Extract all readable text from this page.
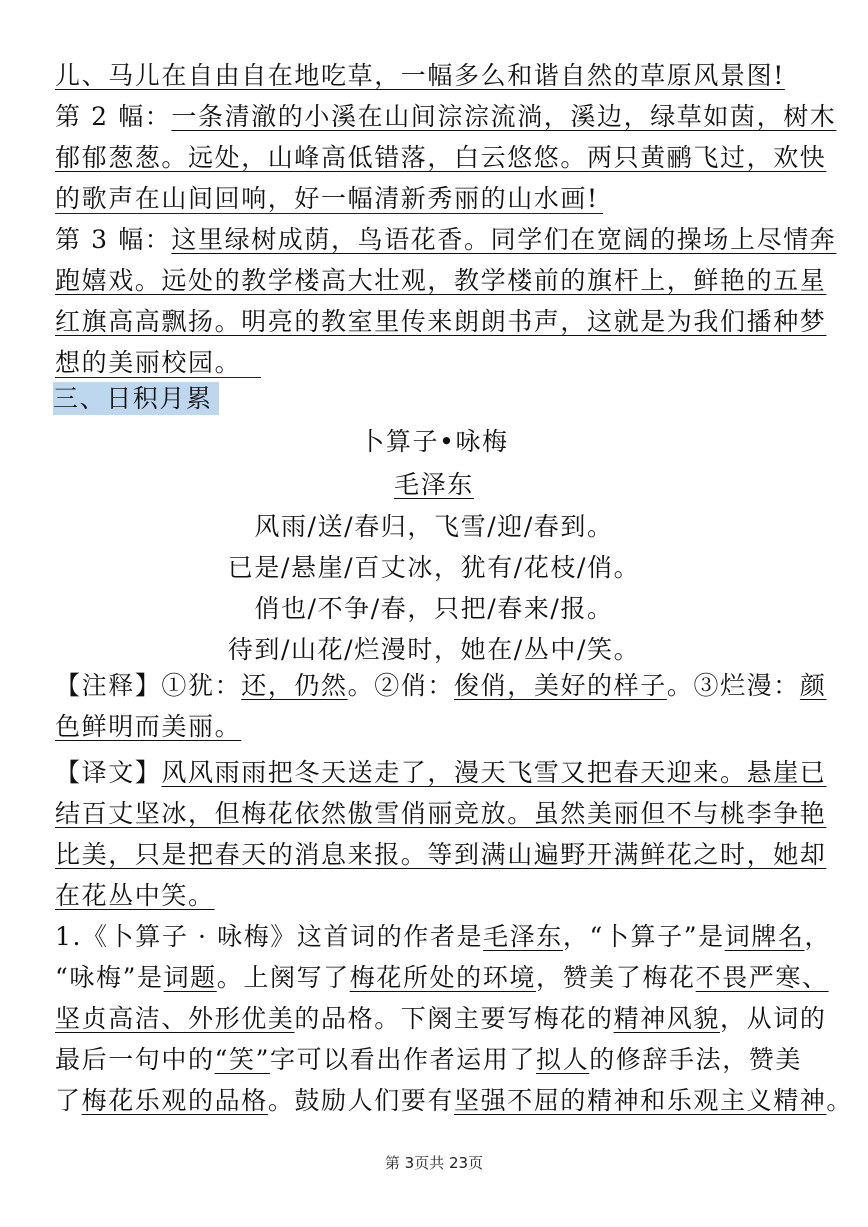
儿、马儿在自由自在地吃草，一幅多么和谐自然的草原风景图!
第 2 幅：一条清澈的小溪在山间淙淙流淌，溪边，绿草如茵，树木
郁郁葱葱。远处，山峰高低错落，白云悠悠。两只黄鹂飞过，欢快
的歌声在山间回响，好一幅清新秀丽的山水画!
第 3 幅：这里绿树成荫，鸟语花香。同学们在宽阔的操场上尽情奔
跑嬉戏。远处的教学楼高大壮观，教学楼前的旗杆上，鲜艳的五星
红旗高高飘扬。明亮的教室里传来朗朗书声，这就是为我们播种梦
想的美丽校园。
三、日积月累
卜算子•咏梅
毛泽东
风雨/送/春归，飞雪/迎/春到。
已是/悬崖/百丈冰，犹有/花枝/俏。
俏也/不争/春，只把/春来/报。
待到/山花/烂漫时，她在/丛中/笑。
【注释】①犹：还，仍然。②俏：俊俏，美好的样子。③烂漫：颜
色鲜明而美丽。
【译文】风风雨雨把冬天送走了，漫天飞雪又把春天迎来。悬崖已
结百丈坚冰，但梅花依然傲雪俏丽竞放。虽然美丽但不与桃李争艳
比美，只是把春天的消息来报。等到满山遍野开满鲜花之时，她却
在花丛中笑。
1.《卜算子 · 咏梅》这首词的作者是毛泽东，“卜算子”是词牌名，
“咏梅”是词题。上阕写了梅花所处的环境，赞美了梅花不畏严寒、
坚贞高洁、外形优美的品格。下阕主要写梅花的精神风貌，从词的
最后一句中的“笑”字可以看出作者运用了拟人的修辞手法，赞美
了梅花乐观的品格。鼓励人们要有坚强不屈的精神和乐观主义精神。
第 3页共 23页
